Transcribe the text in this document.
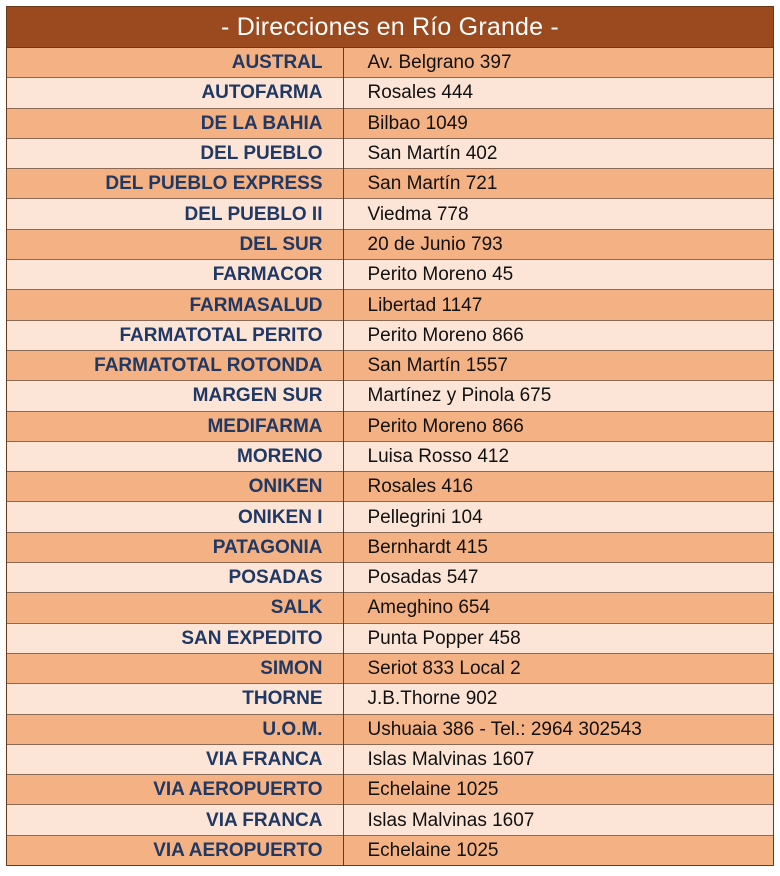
- Direcciones en Río Grande -
AUSTRAL	Av. Belgrano 397
AUTOFARMA	Rosales 444
DE LA BAHIA	Bilbao 1049
DEL PUEBLO	San Martín 402
DEL PUEBLO EXPRESS	San Martín 721
DEL PUEBLO II	Viedma 778
DEL SUR	20 de Junio 793
FARMACOR	Perito Moreno 45
FARMASALUD	Libertad 1147
FARMATOTAL PERITO	Perito Moreno 866
FARMATOTAL ROTONDA	San Martín 1557
MARGEN SUR	Martínez y Pinola 675
MEDIFARMA	Perito Moreno 866
MORENO	Luisa Rosso 412
ONIKEN	Rosales 416
ONIKEN I	Pellegrini 104
PATAGONIA	Bernhardt 415
POSADAS	Posadas 547
SALK	Ameghino 654
SAN EXPEDITO	Punta Popper 458
SIMON	Seriot 833 Local 2
THORNE	J.B.Thorne 902
U.O.M.	Ushuaia 386 - Tel.: 2964 302543
VIA FRANCA	Islas Malvinas 1607
VIA AEROPUERTO	Echelaine 1025
VIA FRANCA	Islas Malvinas 1607
VIA AEROPUERTO	Echelaine 1025
